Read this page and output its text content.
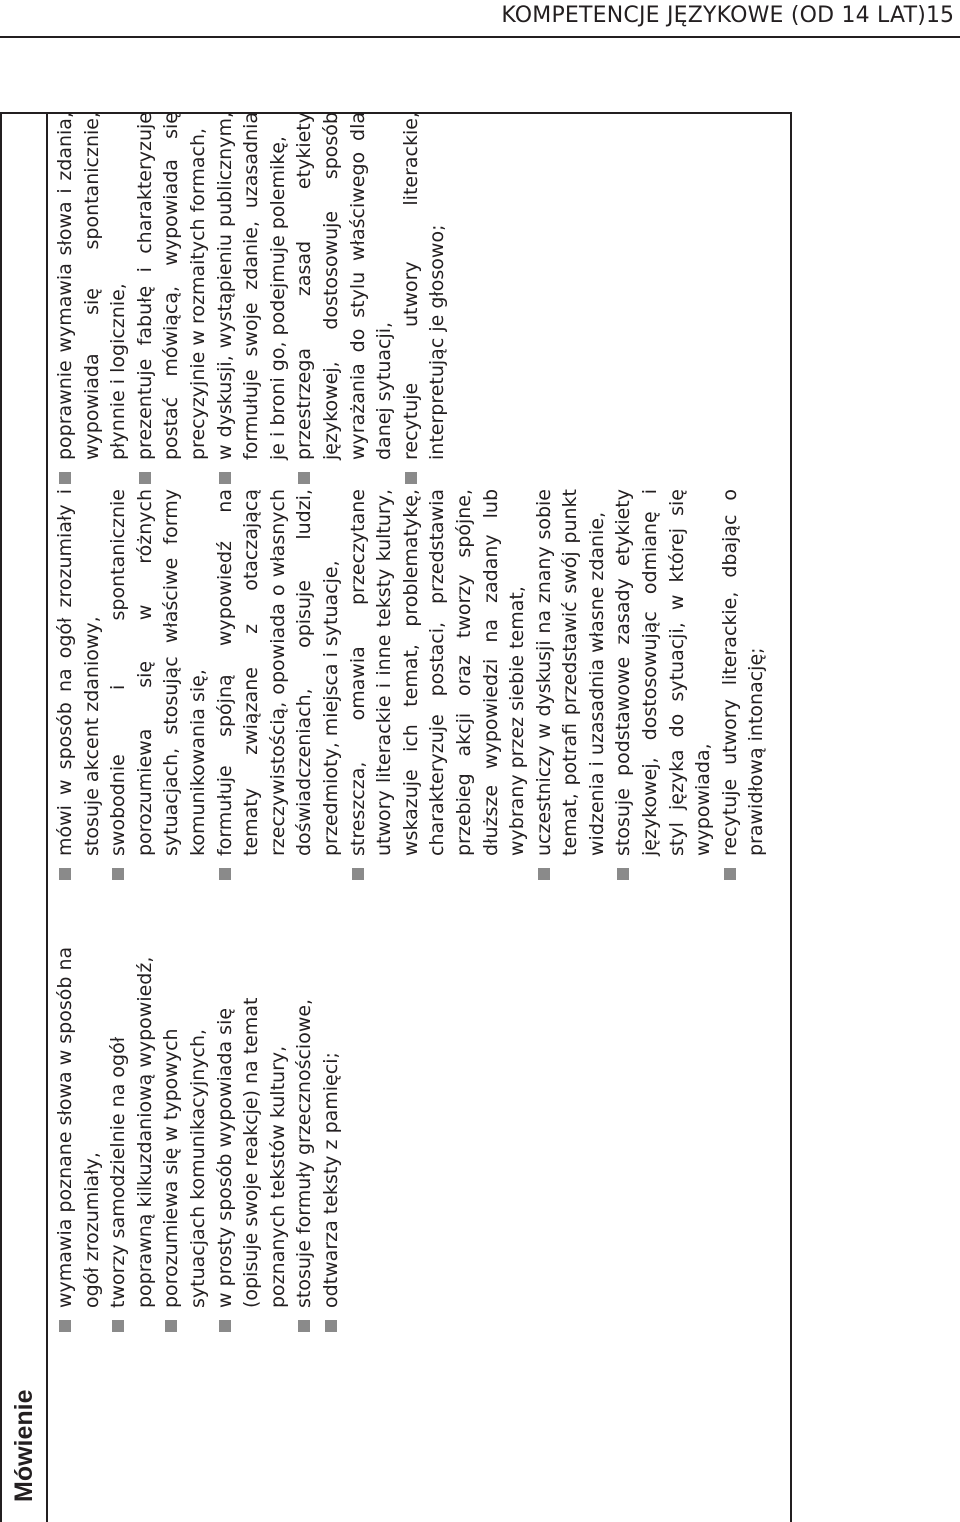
KOMPETENCJE JĘZYKOWE (OD 14 LAT) 15
Mówienie
wymawia poznane słowa w sposób na ogół zrozumiały, tworzy samodzielnie na ogół poprawną kilkuzdaniową wypowiedź, porozumiewa się w typowych sytuacjach komunikacyjnych, w prosty sposób wypowiada się (opisuje swoje reakcje) na temat poznanych tekstów kultury, stosuje formuły grzecznościowe, odtwarza teksty z pamięci;
mówi w sposób na ogół zrozumiały i stosuje akcent zdaniowy, swobodnie i spontanicznie porozumiewa się w różnych sytuacjach, stosując właściwe formy komunikowania się, formułuje spójną wypowiedź na tematy związane z otaczającą rzeczywistością, opowiada o własnych doświadczeniach, opisuje ludzi, przedmioty, miejsca i sytuacje, streszcza, omawia przeczytane utwory literackie i inne teksty kultury, wskazuje ich temat, problematykę, charakteryzuje postaci, przedstawia przebieg akcji oraz tworzy spójne, dłuższe wypowiedzi na zadany lub wybrany przez siebie temat, uczestniczy w dyskusji na znany sobie temat, potrafi przedstawić swój punkt widzenia i uzasadnia własne zdanie, stosuje podstawowe zasady etykiety językowej, dostosowując odmianę i styl języka do sytuacji, w której się wypowiada, recytuje utwory literackie, dbając o prawidłową intonację;
poprawnie wymawia słowa i zdania, wypowiada się spontanicznie, płynnie i logicznie, prezentuje fabułę i charakteryzuje postać mówiącą, wypowiada się precyzyjnie w rozmaitych formach, w dyskusji, wystąpieniu publicznym, formułuje swoje zdanie, uzasadnia je i broni go, podejmuje polemikę, przestrzega zasad etykiety językowej, dostosowuje sposób wyrażania do stylu właściwego dla danej sytuacji, recytuje utwory literackie, interpretując je głosowo;
